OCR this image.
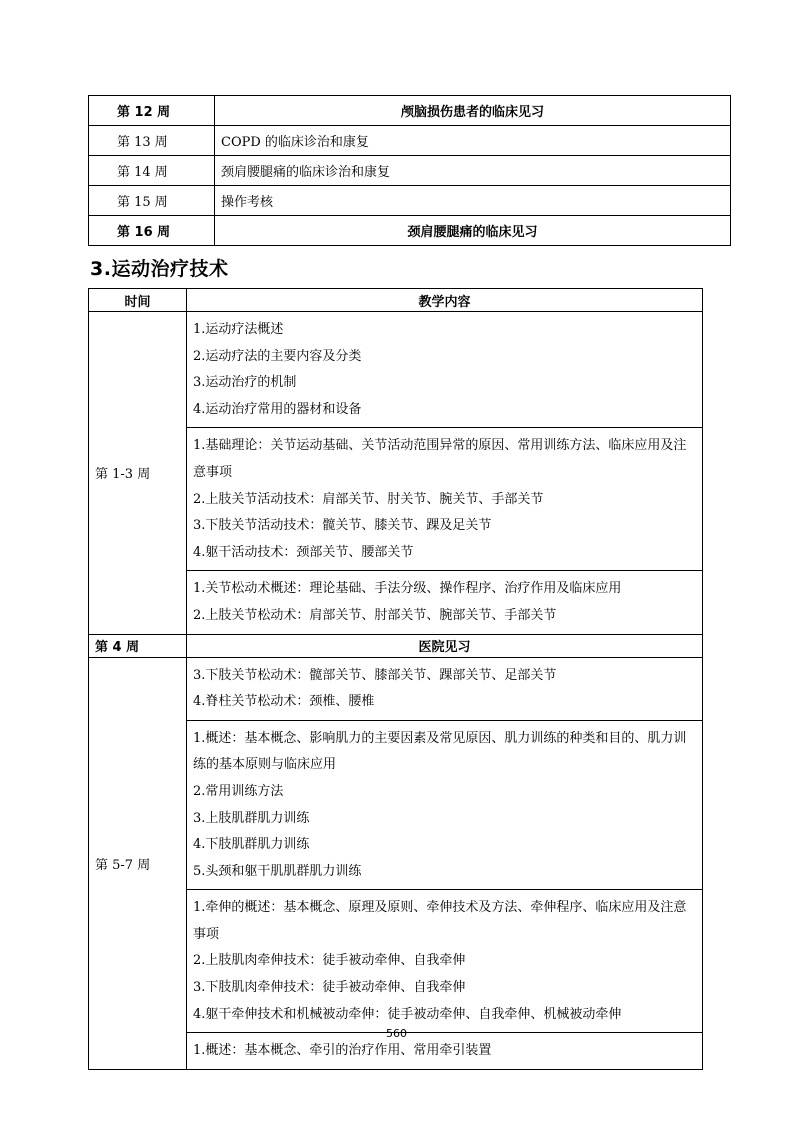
第 12 周	颅脑损伤患者的临床见习
第 13 周	COPD 的临床诊治和康复
第 14 周	颈肩腰腿痛的临床诊治和康复
第 15 周	操作考核
第 16 周	颈肩腰腿痛的临床见习
3.运动治疗技术
时间	教学内容
第 1-3 周	1.运动疗法概述
2.运动疗法的主要内容及分类
3.运动治疗的机制
4.运动治疗常用的器材和设备

	1.基础理论：关节运动基础、关节活动范围异常的原因、常用训练方法、临床应用及注意事项
2.上肢关节活动技术：肩部关节、肘关节、腕关节、手部关节
3.下肢关节活动技术：髋关节、膝关节、踝及足关节
4.躯干活动技术：颈部关节、腰部关节

	1.关节松动术概述：理论基础、手法分级、操作程序、治疗作用及临床应用
2.上肢关节松动术：肩部关节、肘部关节、腕部关节、手部关节

第 4 周	医院见习
第 5-7 周	3.下肢关节松动术：髋部关节、膝部关节、踝部关节、足部关节
4.脊柱关节松动术：颈椎、腰椎

	1.概述：基本概念、影响肌力的主要因素及常见原因、肌力训练的种类和目的、肌力训练的基本原则与临床应用
2.常用训练方法
3.上肢肌群肌力训练
4.下肢肌群肌力训练
5.头颈和躯干肌肌群肌力训练

	1.牵伸的概述：基本概念、原理及原则、牵伸技术及方法、牵伸程序、临床应用及注意事项
2.上肢肌肉牵伸技术：徒手被动牵伸、自我牵伸
3.下肢肌肉牵伸技术：徒手被动牵伸、自我牵伸
4.躯干牵伸技术和机械被动牵伸：徒手被动牵伸、自我牵伸、机械被动牵伸

	1.概述：基本概念、牵引的治疗作用、常用牵引装置
560
